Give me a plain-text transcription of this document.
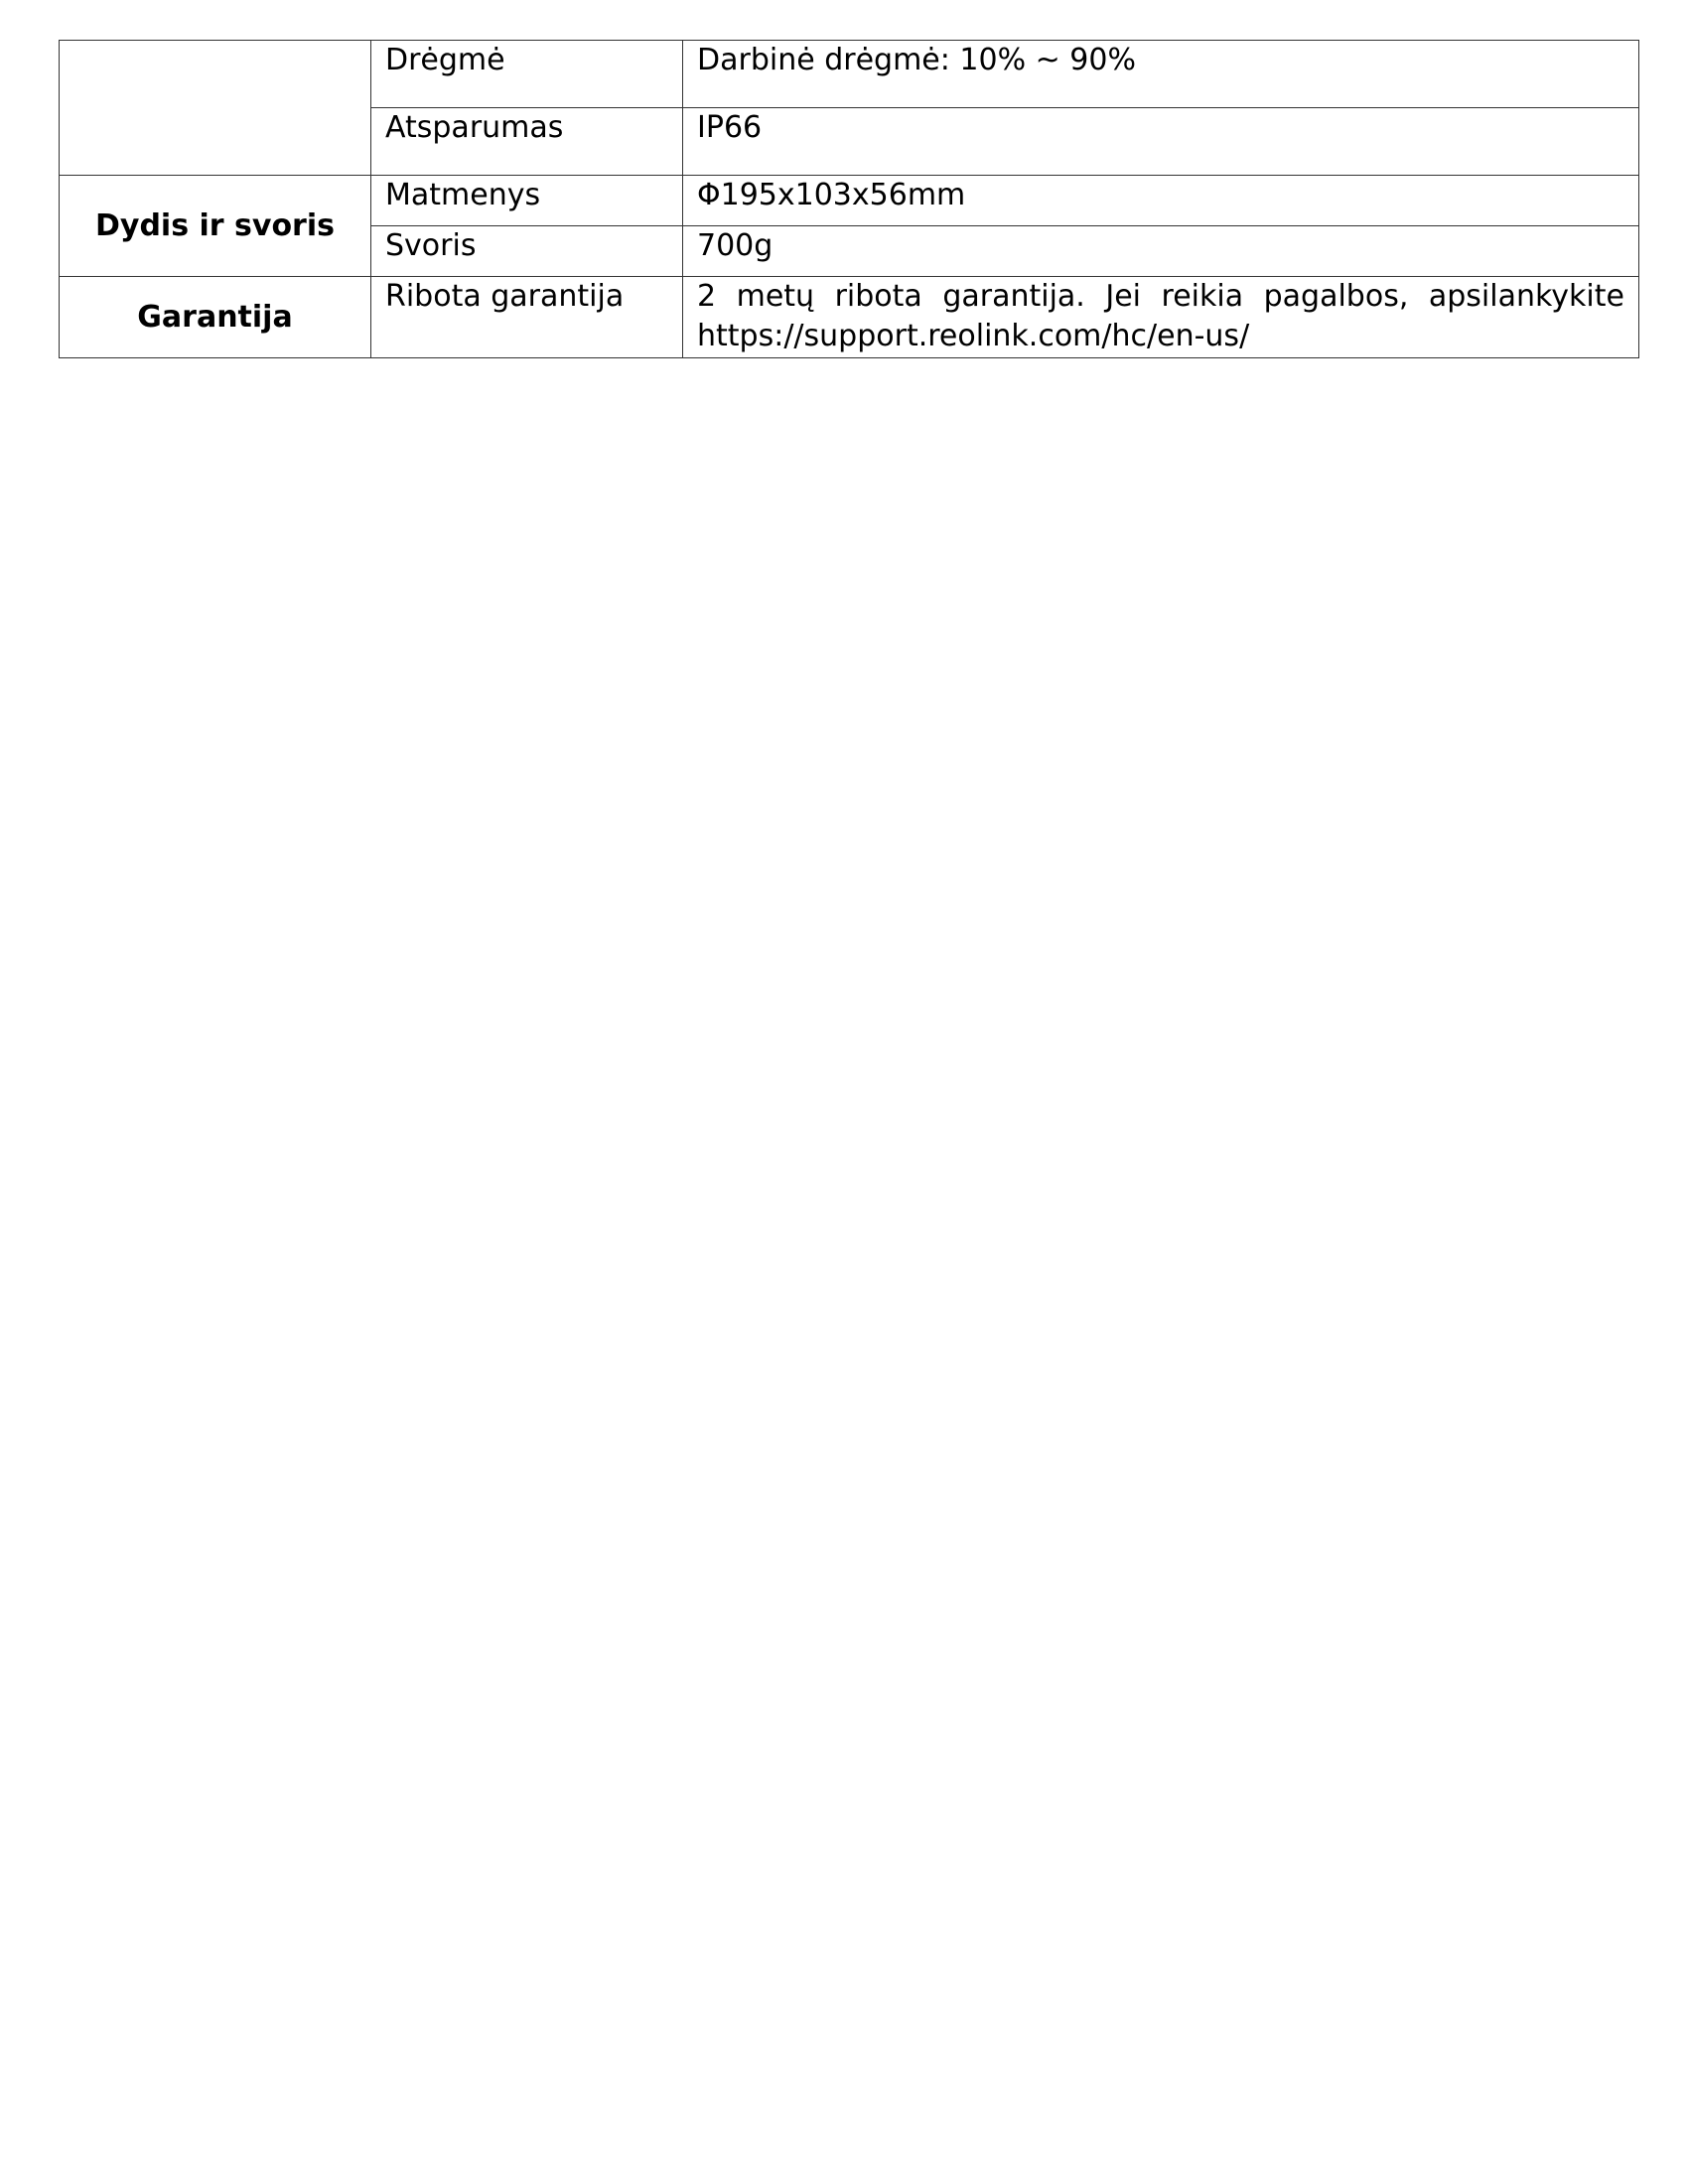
	Drėgmė	Darbinė drėgmė: 10% ~ 90%
	Atsparumas	IP66
Dydis ir svoris	Matmenys	Φ195x103x56mm
	Svoris	700g
Garantija	Ribota garantija	2 metų ribota garantija. Jei reikia pagalbos, apsilankykite https://support.reolink.com/hc/en-us/
